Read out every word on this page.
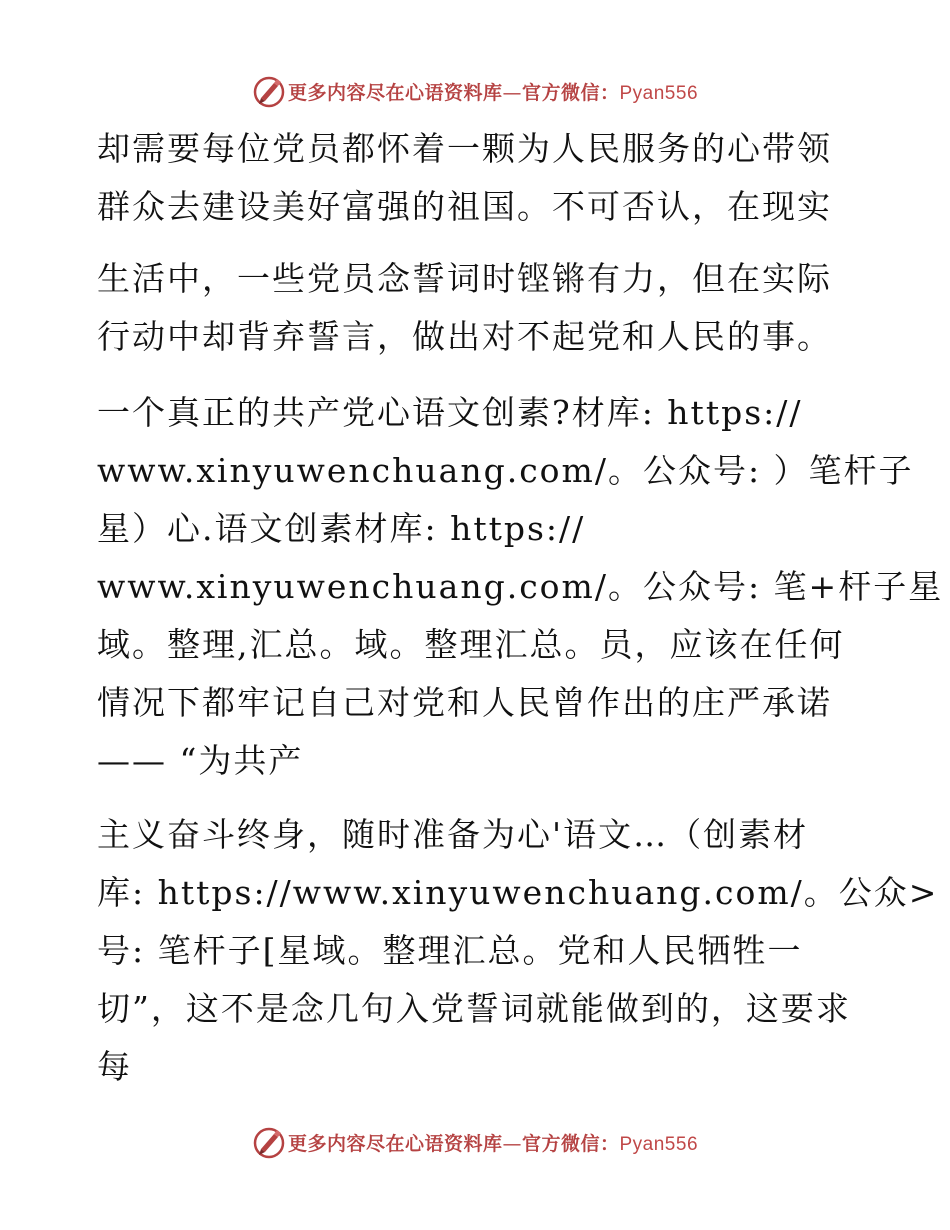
更多内容尽在心语资料库—官方微信：Pyan556
却需要每位党员都怀着一颗为人民服务的心带领
群众去建设美好富强的祖国。不可否认，在现实
生活中，一些党员念誓词时铿锵有力，但在实际
行动中却背弃誓言，做出对不起党和人民的事。
一个真正的共产党心语文创素?材库: https://
www.xinyuwenchuang.com/。公众号: ）笔杆子
星）心.语文创素材库: https://
www.xinyuwenchuang.com/。公众号: 笔+杆子星
域。整理,汇总。域。整理汇总。员，应该在任何
情况下都牢记自己对党和人民曾作出的庄严承诺
—— “为共产
主义奋斗终身，随时准备为心'语文…（创素材
库: https://www.xinyuwenchuang.com/。公众>
号: 笔杆子[星域。整理汇总。党和人民牺牲一
切”，这不是念几句入党誓词就能做到的，这要求
每
更多内容尽在心语资料库—官方微信：Pyan556
